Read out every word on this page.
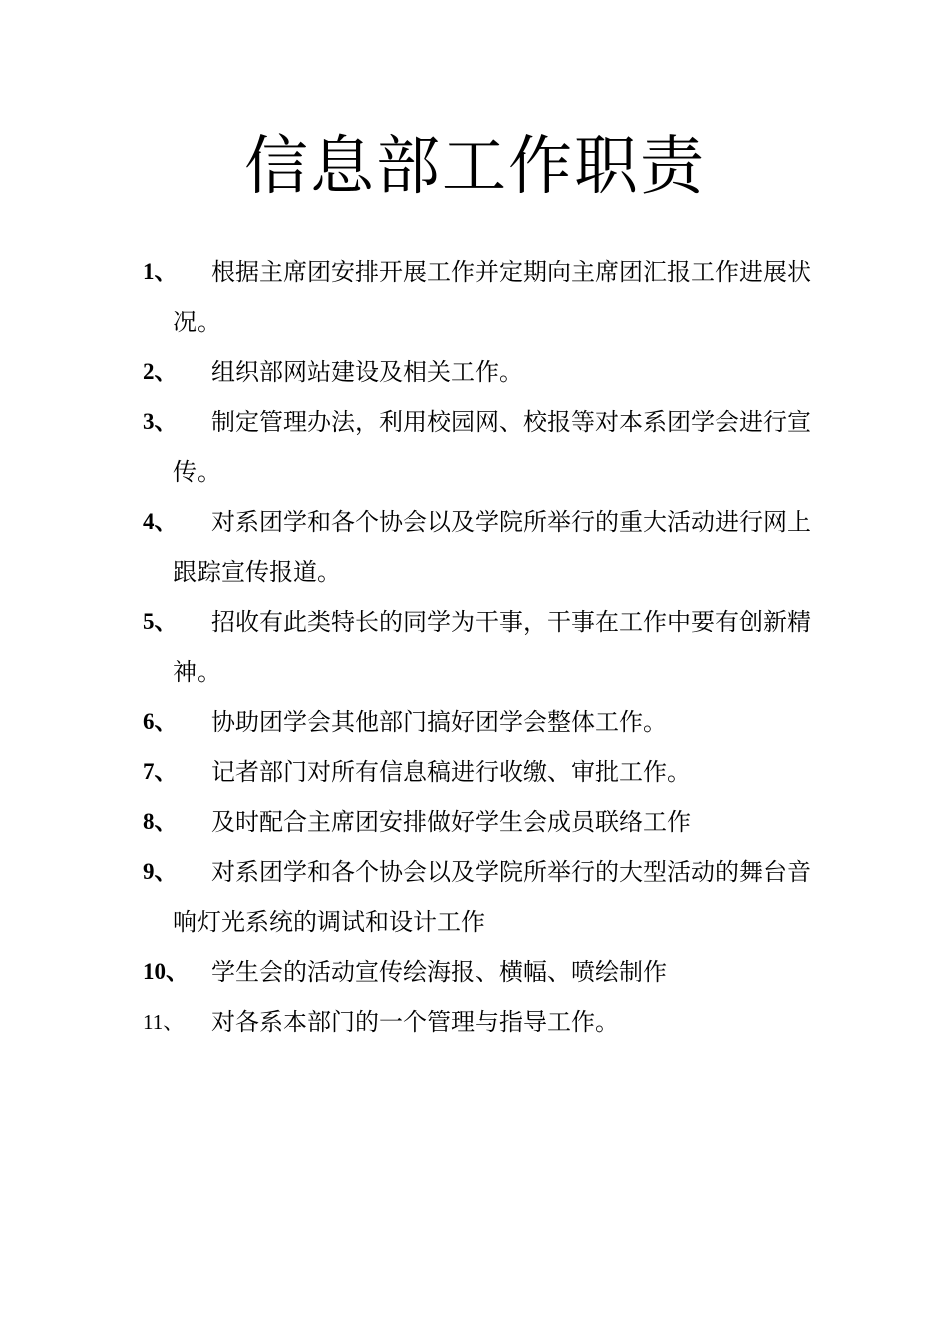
信息部工作职责
1、	根据主席团安排开展工作并定期向主席团汇报工作进展状况。
2、	组织部网站建设及相关工作。
3、	制定管理办法，利用校园网、校报等对本系团学会进行宣传。
4、	对系团学和各个协会以及学院所举行的重大活动进行网上跟踪宣传报道。
5、	招收有此类特长的同学为干事，干事在工作中要有创新精神。
6、	协助团学会其他部门搞好团学会整体工作。
7、	记者部门对所有信息稿进行收缴、审批工作。
8、	及时配合主席团安排做好学生会成员联络工作
9、	对系团学和各个协会以及学院所举行的大型活动的舞台音响灯光系统的调试和设计工作
10、 学生会的活动宣传绘海报、横幅、喷绘制作
11、	对各系本部门的一个管理与指导工作。
